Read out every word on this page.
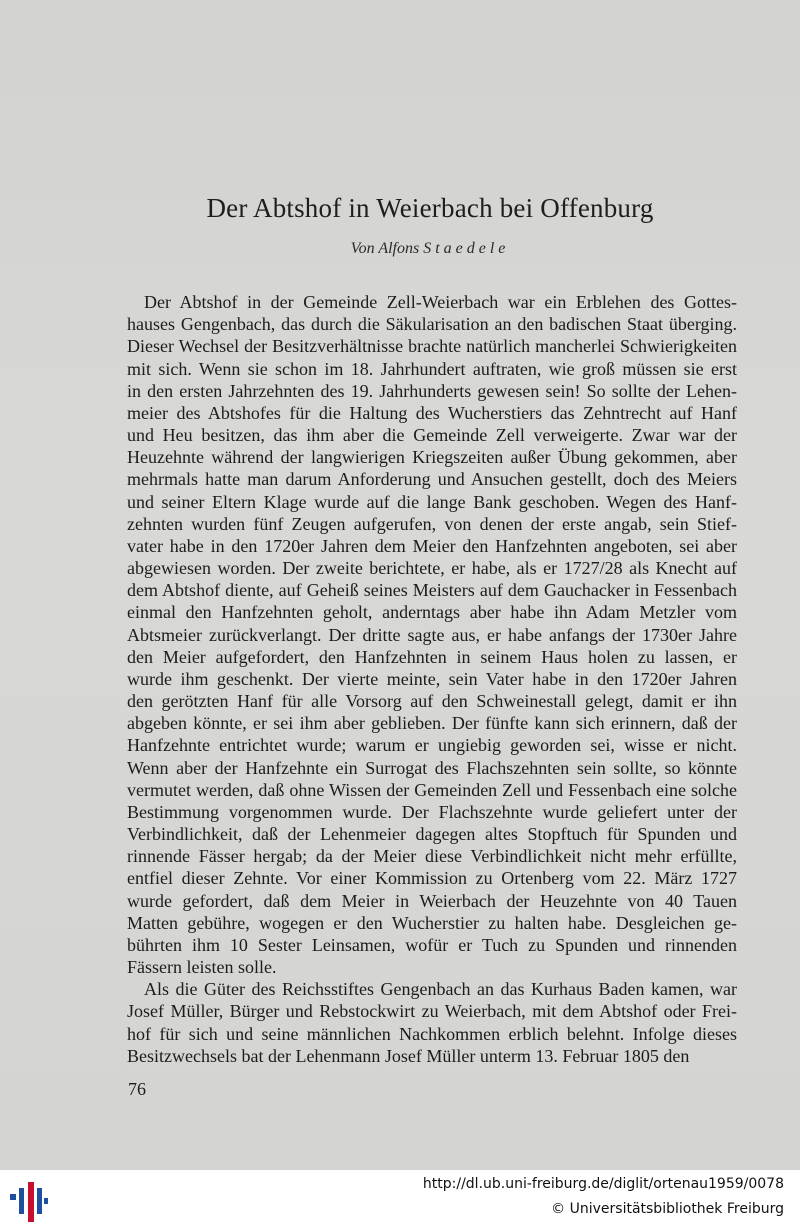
Der Abtshof in Weierbach bei Offenburg
Von Alfons Staedele
Der Abtshof in der Gemeinde Zell-Weierbach war ein Erblehen des Gottes-
hauses Gengenbach, das durch die Säkularisation an den badischen Staat überging.
Dieser Wechsel der Besitzverhältnisse brachte natürlich mancherlei Schwierigkeiten
mit sich. Wenn sie schon im 18. Jahrhundert auftraten, wie groß müssen sie erst
in den ersten Jahrzehnten des 19. Jahrhunderts gewesen sein! So sollte der Lehen-
meier des Abtshofes für die Haltung des Wucherstiers das Zehntrecht auf Hanf
und Heu besitzen, das ihm aber die Gemeinde Zell verweigerte. Zwar war der
Heuzehnte während der langwierigen Kriegszeiten außer Übung gekommen, aber
mehrmals hatte man darum Anforderung und Ansuchen gestellt, doch des Meiers
und seiner Eltern Klage wurde auf die lange Bank geschoben. Wegen des Hanf-
zehnten wurden fünf Zeugen aufgerufen, von denen der erste angab, sein Stief-
vater habe in den 1720er Jahren dem Meier den Hanfzehnten angeboten, sei aber
abgewiesen worden. Der zweite berichtete, er habe, als er 1727/28 als Knecht auf
dem Abtshof diente, auf Geheiß seines Meisters auf dem Gauchacker in Fessenbach
einmal den Hanfzehnten geholt, anderntags aber habe ihn Adam Metzler vom
Abtsmeier zurückverlangt. Der dritte sagte aus, er habe anfangs der 1730er Jahre
den Meier aufgefordert, den Hanfzehnten in seinem Haus holen zu lassen, er
wurde ihm geschenkt. Der vierte meinte, sein Vater habe in den 1720er Jahren
den gerötzten Hanf für alle Vorsorg auf den Schweinestall gelegt, damit er ihn
abgeben könnte, er sei ihm aber geblieben. Der fünfte kann sich erinnern, daß der
Hanfzehnte entrichtet wurde; warum er ungiebig geworden sei, wisse er nicht.
Wenn aber der Hanfzehnte ein Surrogat des Flachszehnten sein sollte, so könnte
vermutet werden, daß ohne Wissen der Gemeinden Zell und Fessenbach eine solche
Bestimmung vorgenommen wurde. Der Flachszehnte wurde geliefert unter der
Verbindlichkeit, daß der Lehenmeier dagegen altes Stopftuch für Spunden und
rinnende Fässer hergab; da der Meier diese Verbindlichkeit nicht mehr erfüllte,
entfiel dieser Zehnte. Vor einer Kommission zu Ortenberg vom 22. März 1727
wurde gefordert, daß dem Meier in Weierbach der Heuzehnte von 40 Tauen
Matten gebühre, wogegen er den Wucherstier zu halten habe. Desgleichen ge-
bührten ihm 10 Sester Leinsamen, wofür er Tuch zu Spunden und rinnenden
Fässern leisten solle.
Als die Güter des Reichsstiftes Gengenbach an das Kurhaus Baden kamen, war
Josef Müller, Bürger und Rebstockwirt zu Weierbach, mit dem Abtshof oder Frei-
hof für sich und seine männlichen Nachkommen erblich belehnt. Infolge dieses
Besitzwechsels bat der Lehenmann Josef Müller unterm 13. Februar 1805 den
76
http://dl.ub.uni-freiburg.de/diglit/ortenau1959/0078
© Universitätsbibliothek Freiburg
